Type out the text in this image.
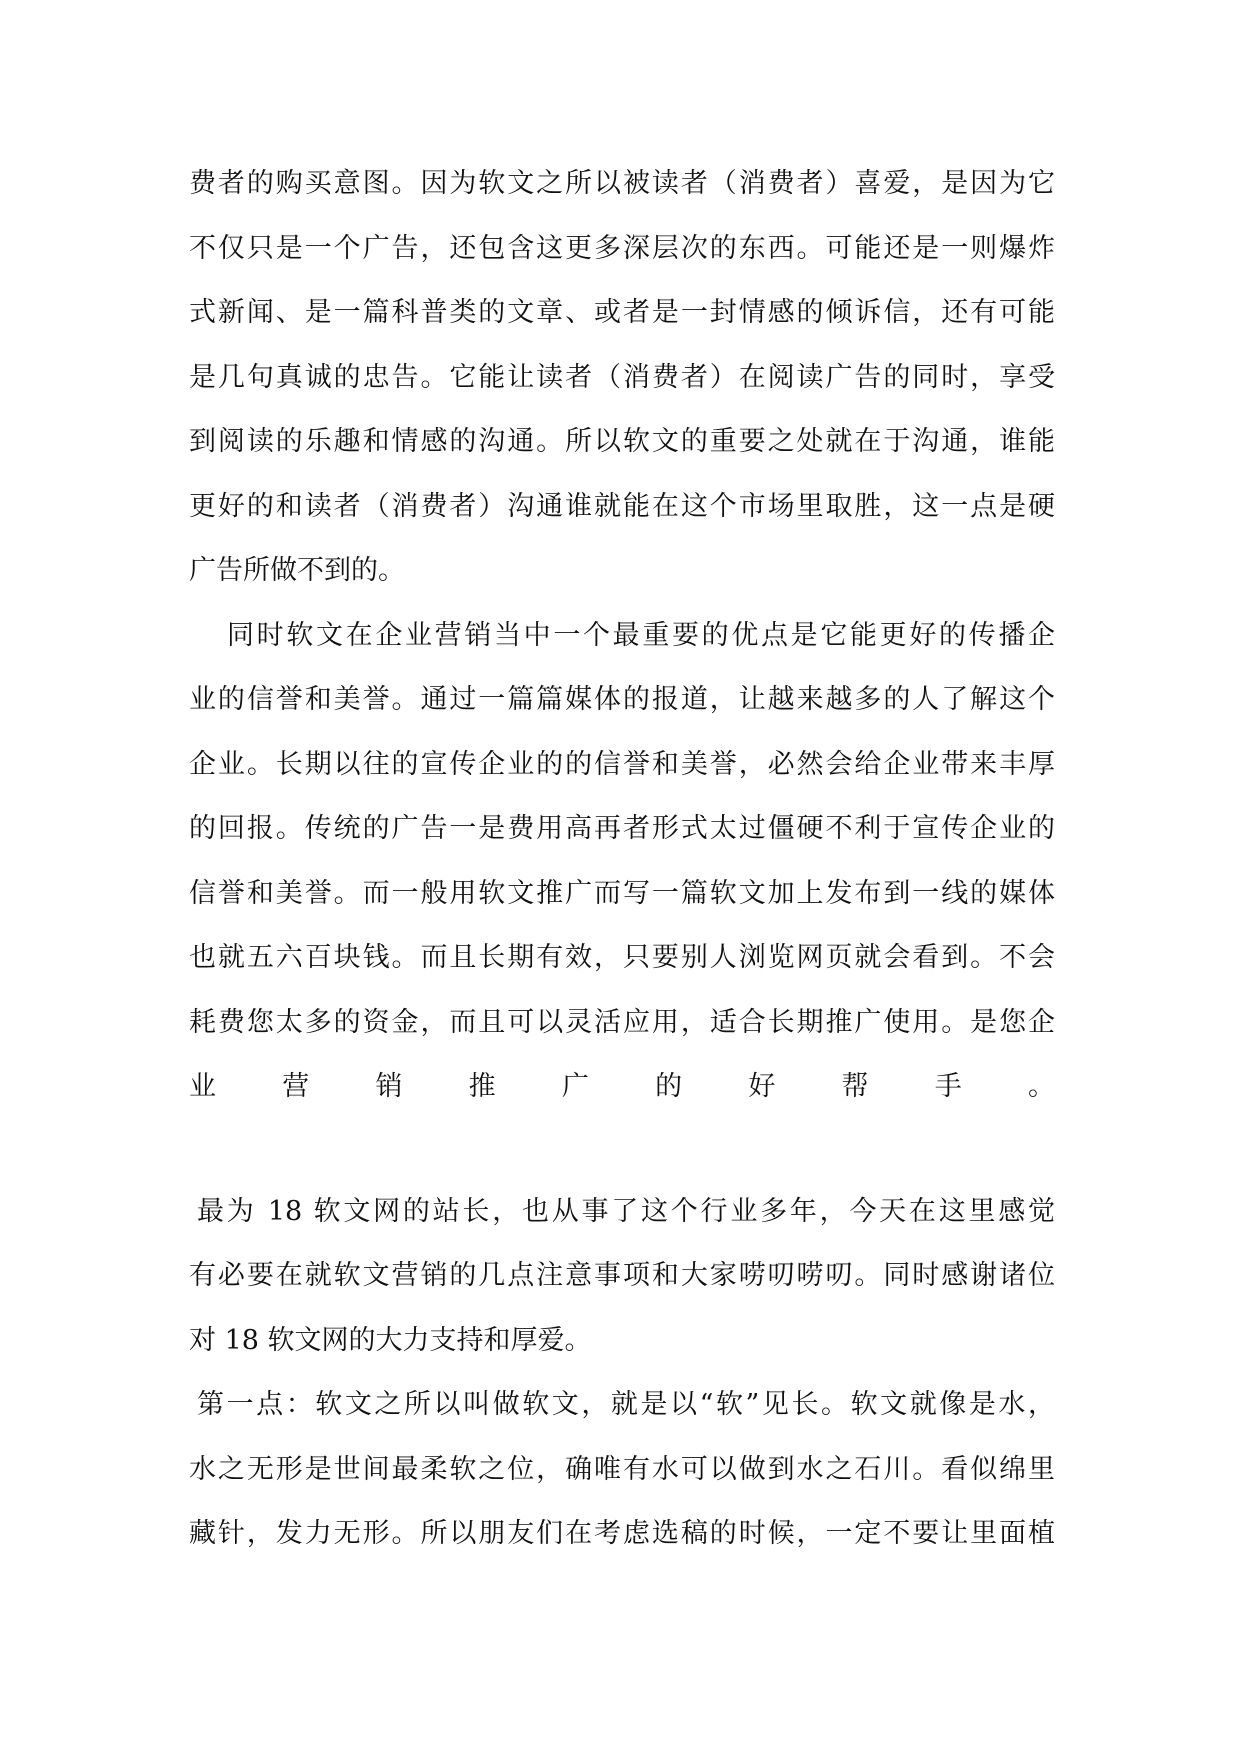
费者的购买意图。因为软文之所以被读者（消费者）喜爱，是因为它
不仅只是一个广告，还包含这更多深层次的东西。可能还是一则爆炸
式新闻、是一篇科普类的文章、或者是一封情感的倾诉信，还有可能
是几句真诚的忠告。它能让读者（消费者）在阅读广告的同时，享受
到阅读的乐趣和情感的沟通。所以软文的重要之处就在于沟通，谁能
更好的和读者（消费者）沟通谁就能在这个市场里取胜，这一点是硬
广告所做不到的。
同时软文在企业营销当中一个最重要的优点是它能更好的传播企
业的信誉和美誉。通过一篇篇媒体的报道，让越来越多的人了解这个
企业。长期以往的宣传企业的的信誉和美誉，必然会给企业带来丰厚
的回报。传统的广告一是费用高再者形式太过僵硬不利于宣传企业的
信誉和美誉。而一般用软文推广而写一篇软文加上发布到一线的媒体
也就五六百块钱。而且长期有效，只要别人浏览网页就会看到。不会
耗费您太多的资金，而且可以灵活应用，适合长期推广使用。是您企
业营销推广的好帮手。
最为 18 软文网的站长，也从事了这个行业多年，今天在这里感觉
有必要在就软文营销的几点注意事项和大家唠叨唠叨。同时感谢诸位
对 18 软文网的大力支持和厚爱。
第一点：软文之所以叫做软文，就是以“软”见长。软文就像是水，
水之无形是世间最柔软之位，确唯有水可以做到水之石川。看似绵里
藏针，发力无形。所以朋友们在考虑选稿的时候，一定不要让里面植
